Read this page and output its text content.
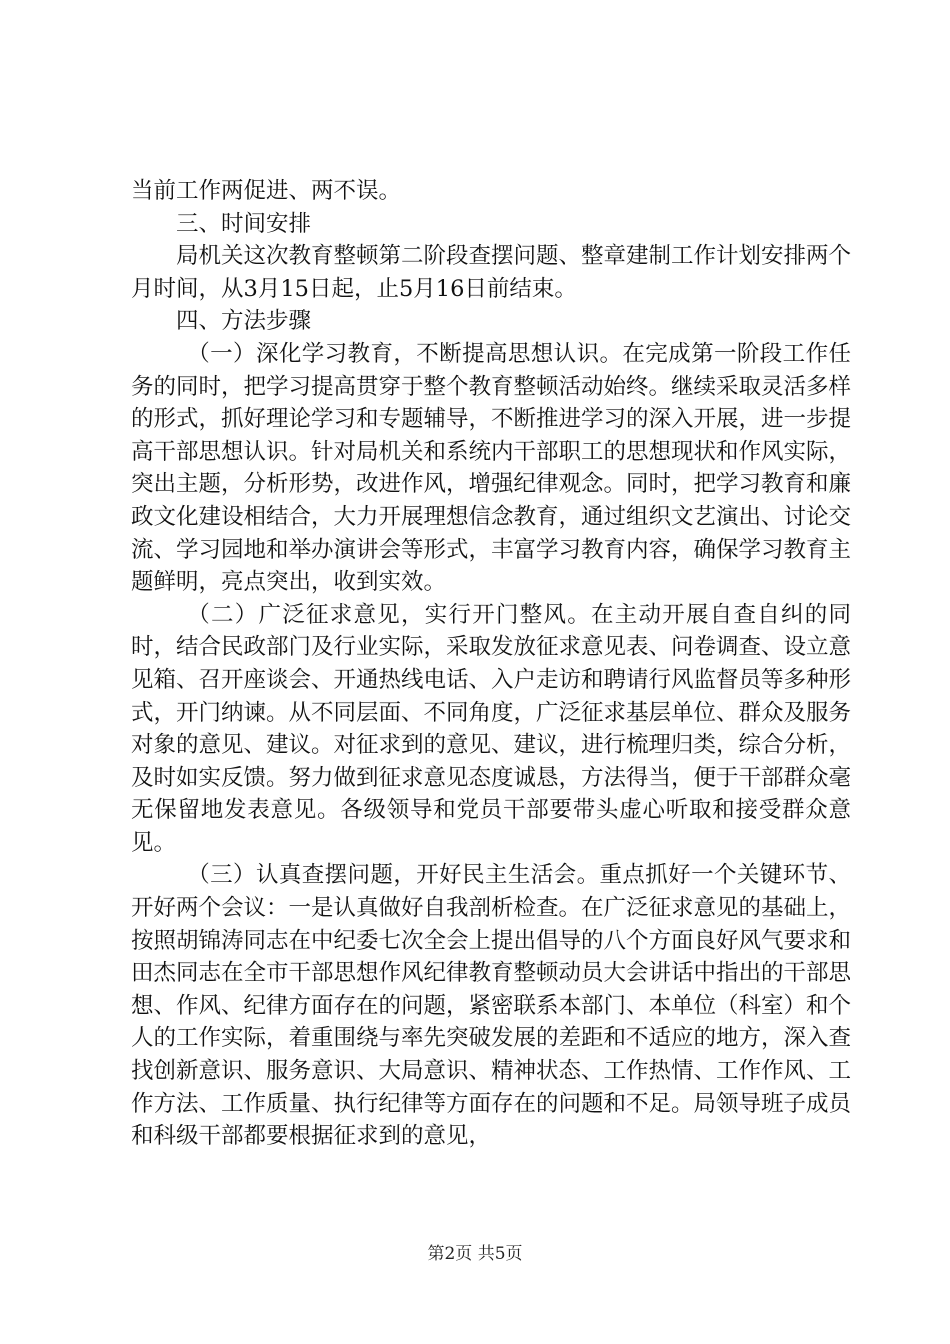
当前工作两促进、两不误。

三、时间安排

局机关这次教育整顿第二阶段查摆问题、整章建制工作计划安排两个月时间，从3月15日起，止5月16日前结束。

四、方法步骤

（一）深化学习教育，不断提高思想认识。在完成第一阶段工作任务的同时，把学习提高贯穿于整个教育整顿活动始终。继续采取灵活多样的形式，抓好理论学习和专题辅导，不断推进学习的深入开展，进一步提高干部思想认识。针对局机关和系统内干部职工的思想现状和作风实际，突出主题，分析形势，改进作风，增强纪律观念。同时，把学习教育和廉政文化建设相结合，大力开展理想信念教育，通过组织文艺演出、讨论交流、学习园地和举办演讲会等形式，丰富学习教育内容，确保学习教育主题鲜明，亮点突出，收到实效。

（二）广泛征求意见，实行开门整风。在主动开展自查自纠的同时，结合民政部门及行业实际，采取发放征求意见表、问卷调查、设立意见箱、召开座谈会、开通热线电话、入户走访和聘请行风监督员等多种形式，开门纳谏。从不同层面、不同角度，广泛征求基层单位、群众及服务对象的意见、建议。对征求到的意见、建议，进行梳理归类，综合分析，及时如实反馈。努力做到征求意见态度诚恳，方法得当，便于干部群众毫无保留地发表意见。各级领导和党员干部要带头虚心听取和接受群众意见。

（三）认真查摆问题，开好民主生活会。重点抓好一个关键环节、开好两个会议：一是认真做好自我剖析检查。在广泛征求意见的基础上，按照胡锦涛同志在中纪委七次全会上提出倡导的八个方面良好风气要求和田杰同志在全市干部思想作风纪律教育整顿动员大会讲话中指出的干部思想、作风、纪律方面存在的问题，紧密联系本部门、本单位（科室）和个人的工作实际，着重围绕与率先突破发展的差距和不适应的地方，深入查找创新意识、服务意识、大局意识、精神状态、工作热情、工作作风、工作方法、工作质量、执行纪律等方面存在的问题和不足。局领导班子成员和科级干部都要根据征求到的意见，

第2页 共5页
